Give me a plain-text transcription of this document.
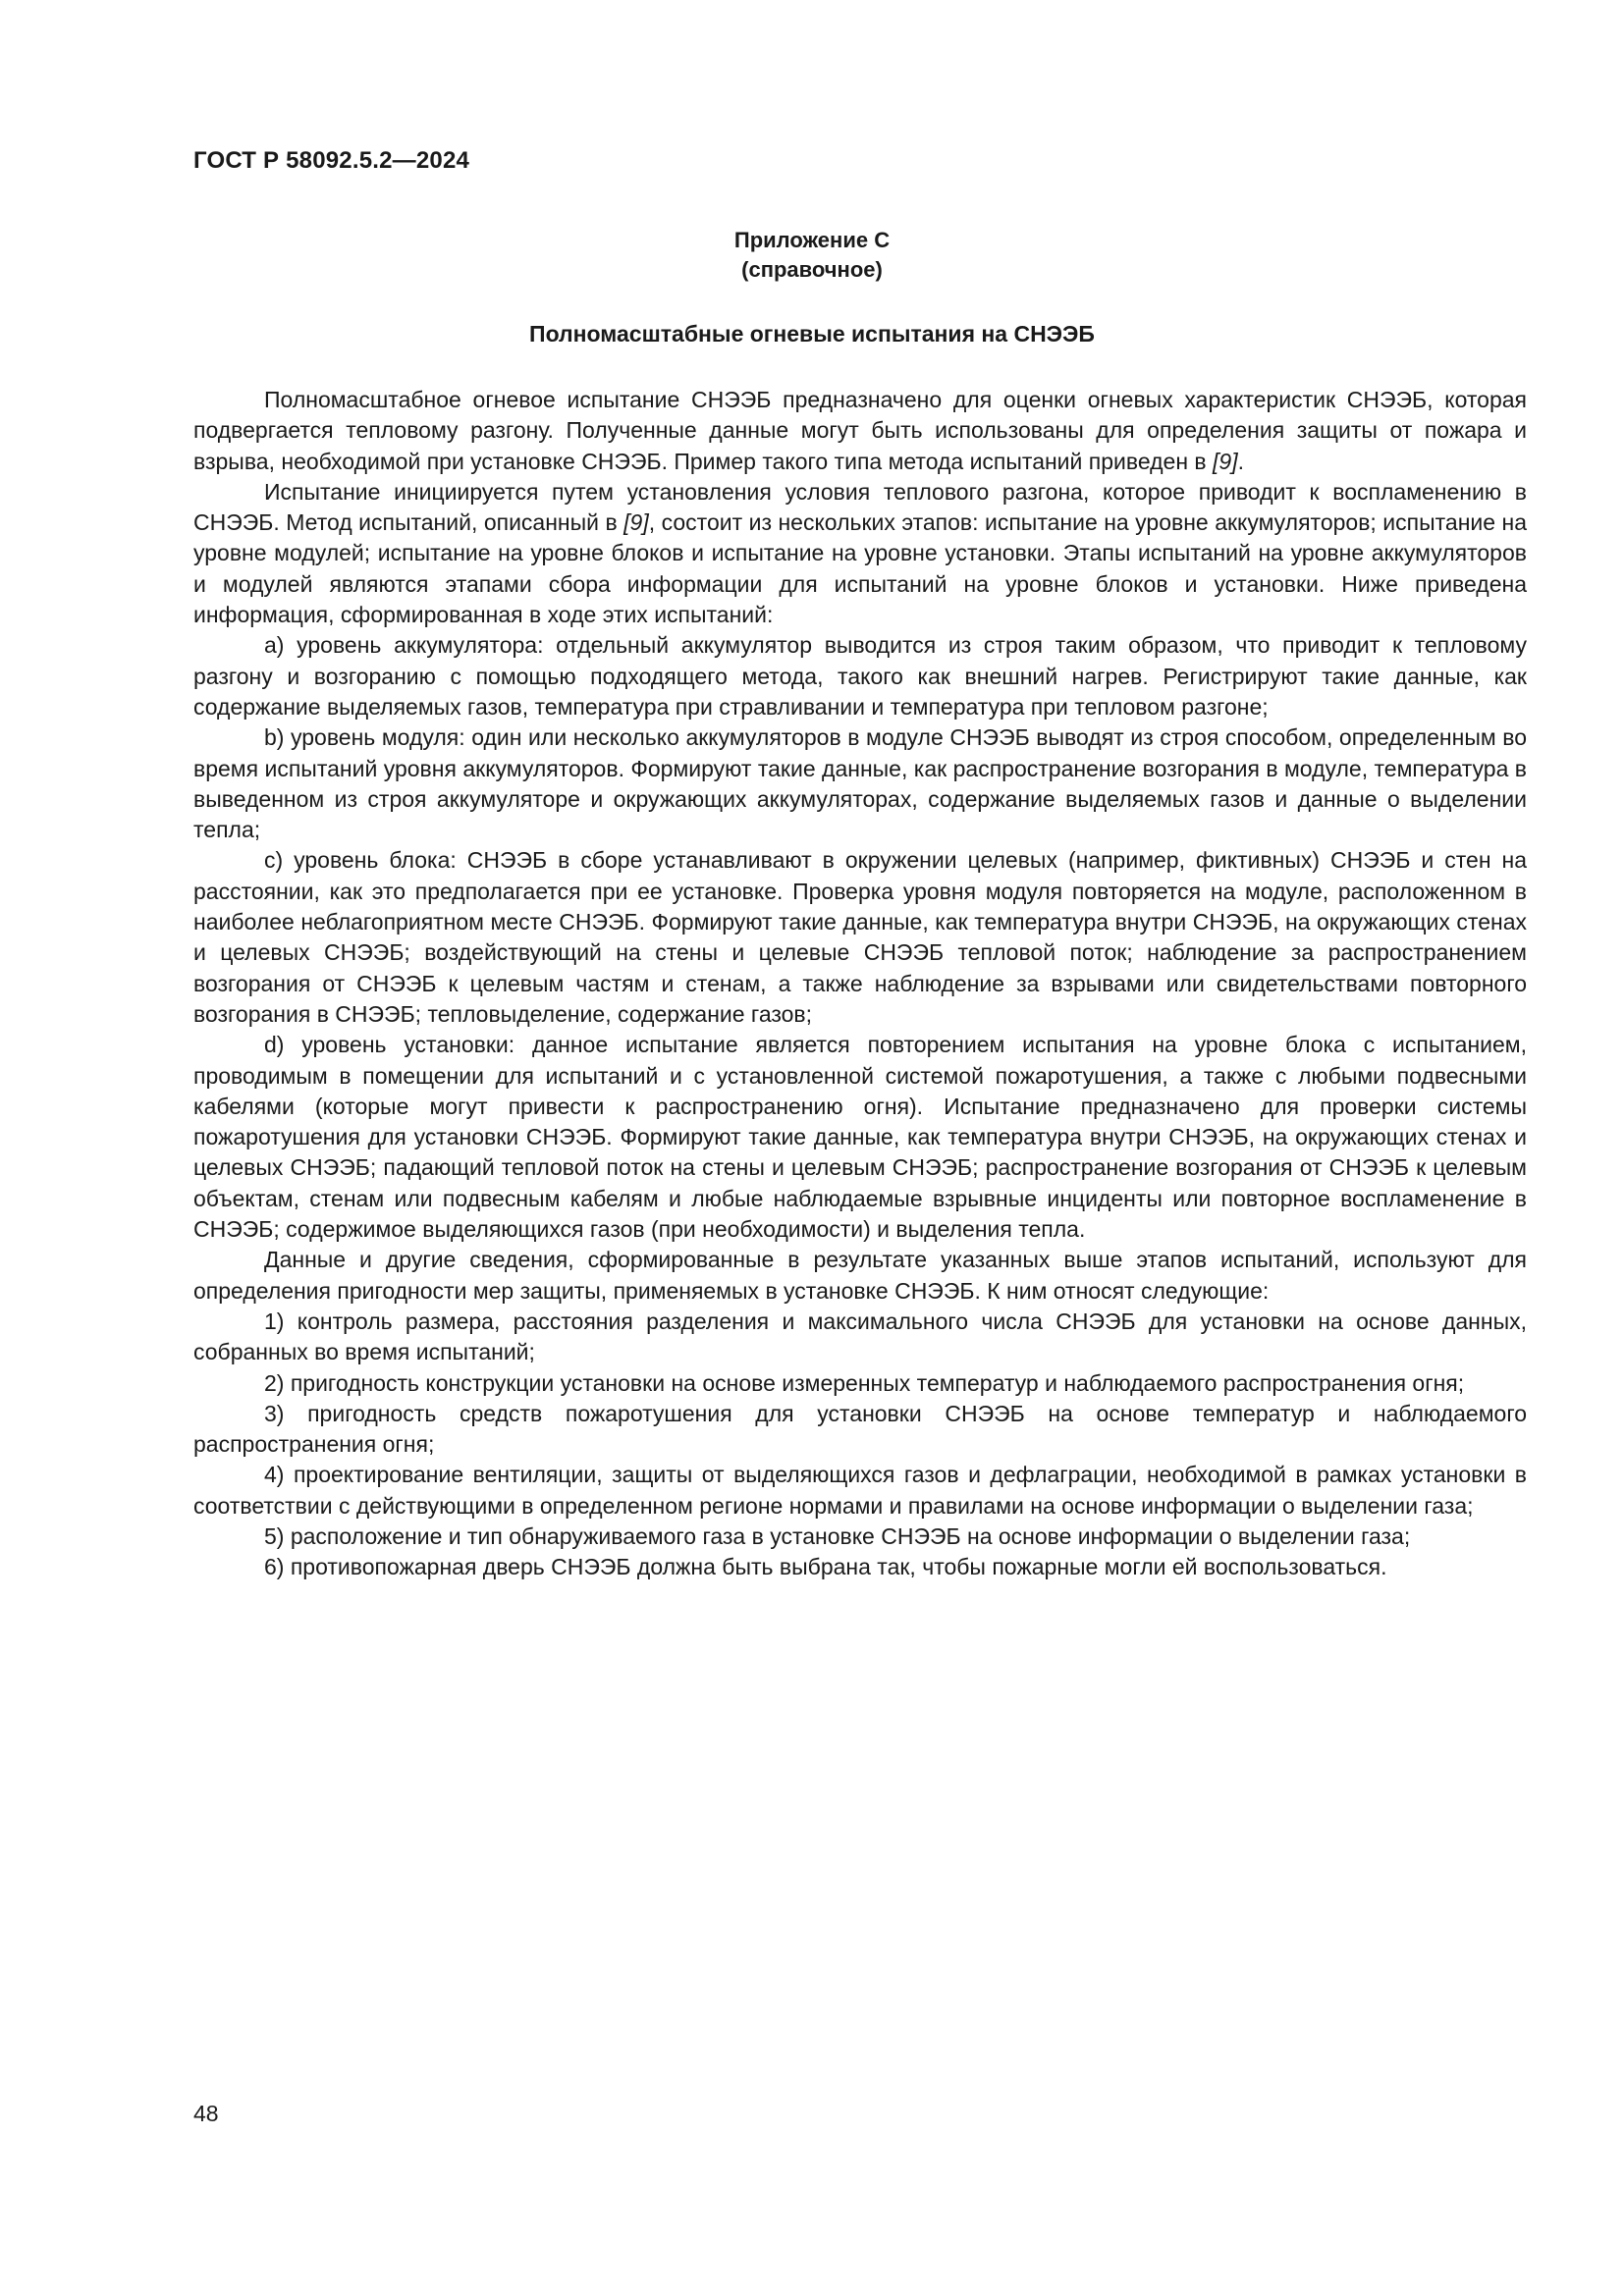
ГОСТ Р 58092.5.2—2024
Приложение С
(справочное)
Полномасштабные огневые испытания на СНЭЭБ

Полномасштабное огневое испытание СНЭЭБ предназначено для оценки огневых характеристик СНЭЭБ, которая подвергается тепловому разгону. Полученные данные могут быть использованы для определения защиты от пожара и взрыва, необходимой при установке СНЭЭБ. Пример такого типа метода испытаний приведен в [9].

Испытание инициируется путем установления условия теплового разгона, которое приводит к воспламенению в СНЭЭБ. Метод испытаний, описанный в [9], состоит из нескольких этапов: испытание на уровне аккумуляторов; испытание на уровне модулей; испытание на уровне блоков и испытание на уровне установки. Этапы испытаний на уровне аккумуляторов и модулей являются этапами сбора информации для испытаний на уровне блоков и установки. Ниже приведена информация, сформированная в ходе этих испытаний:

a) уровень аккумулятора: отдельный аккумулятор выводится из строя таким образом, что приводит к тепловому разгону и возгоранию с помощью подходящего метода, такого как внешний нагрев. Регистрируют такие данные, как содержание выделяемых газов, температура при стравливании и температура при тепловом разгоне;

b) уровень модуля: один или несколько аккумуляторов в модуле СНЭЭБ выводят из строя способом, определенным во время испытаний уровня аккумуляторов. Формируют такие данные, как распространение возгорания в модуле, температура в выведенном из строя аккумуляторе и окружающих аккумуляторах, содержание выделяемых газов и данные о выделении тепла;

c) уровень блока: СНЭЭБ в сборе устанавливают в окружении целевых (например, фиктивных) СНЭЭБ и стен на расстоянии, как это предполагается при ее установке. Проверка уровня модуля повторяется на модуле, расположенном в наиболее неблагоприятном месте СНЭЭБ. Формируют такие данные, как температура внутри СНЭЭБ, на окружающих стенах и целевых СНЭЭБ; воздействующий на стены и целевые СНЭЭБ тепловой поток; наблюдение за распространением возгорания от СНЭЭБ к целевым частям и стенам, а также наблюдение за взрывами или свидетельствами повторного возгорания в СНЭЭБ; тепловыделение, содержание газов;

d) уровень установки: данное испытание является повторением испытания на уровне блока с испытанием, проводимым в помещении для испытаний и с установленной системой пожаротушения, а также с любыми подвесными кабелями (которые могут привести к распространению огня). Испытание предназначено для проверки системы пожаротушения для установки СНЭЭБ. Формируют такие данные, как температура внутри СНЭЭБ, на окружающих стенах и целевых СНЭЭБ; падающий тепловой поток на стены и целевым СНЭЭБ; распространение возгорания от СНЭЭБ к целевым объектам, стенам или подвесным кабелям и любые наблюдаемые взрывные инциденты или повторное воспламенение в СНЭЭБ; содержимое выделяющихся газов (при необходимости) и выделения тепла.

Данные и другие сведения, сформированные в результате указанных выше этапов испытаний, используют для определения пригодности мер защиты, применяемых в установке СНЭЭБ. К ним относят следующие:

1) контроль размера, расстояния разделения и максимального числа СНЭЭБ для установки на основе данных, собранных во время испытаний;

2) пригодность конструкции установки на основе измеренных температур и наблюдаемого распространения огня;

3) пригодность средств пожаротушения для установки СНЭЭБ на основе температур и наблюдаемого распространения огня;

4) проектирование вентиляции, защиты от выделяющихся газов и дефлаграции, необходимой в рамках установки в соответствии с действующими в определенном регионе нормами и правилами на основе информации о выделении газа;

5) расположение и тип обнаруживаемого газа в установке СНЭЭБ на основе информации о выделении газа;

6) противопожарная дверь СНЭЭБ должна быть выбрана так, чтобы пожарные могли ей воспользоваться.

48
